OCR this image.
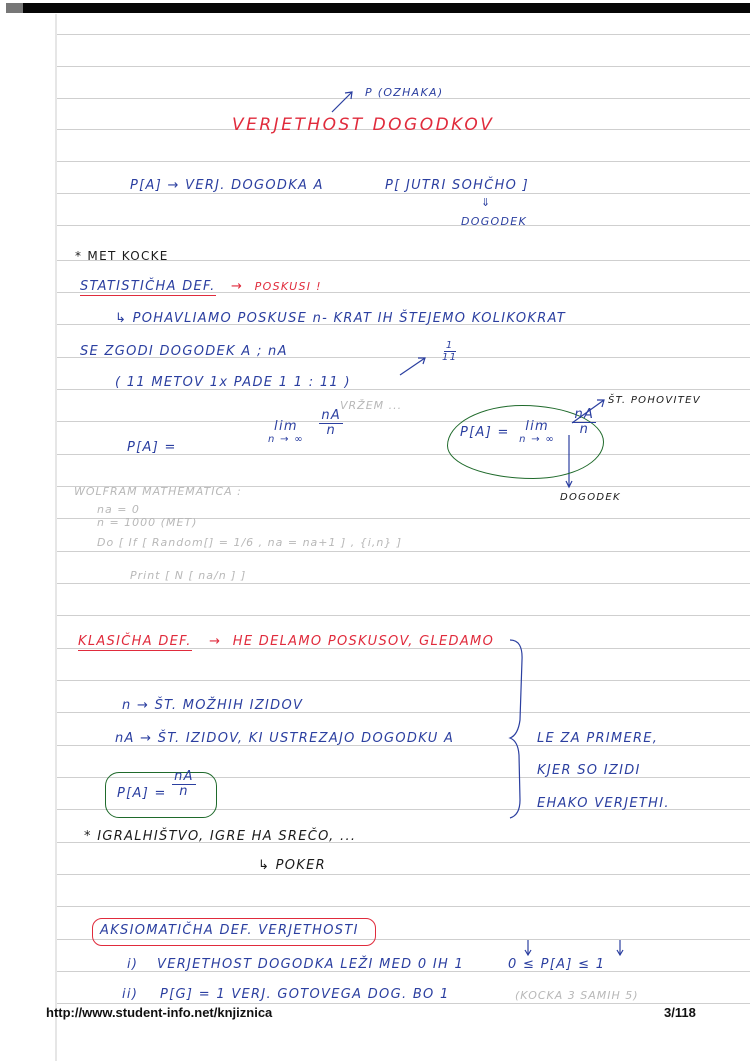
P (OZHAKA)
VERJETHOST DOGODKOV
P[A] → VERJ. DOGODKA A	P[ JUTRI SOHČHO ]
⇓
DOGODEK
* MET KOCKE
STATISTIČHA DEF. → POSKUSI !
↳ POHAVLIAMO POSKUSE n- KRAT IH ŠTEJEMO KOLIKOKRAT
SE ZGODI DOGODEK A ; nA	$\frac{1}{11}$
( 11 METOV 1x PADE 1 1 : 11 )
VRŽEM ...
P[A] =
lim
n → ∞

$\frac{nA}{n}$	P[A] = lim
n → ∞

$\frac{nA}{n}$
ŠT. POHOVITEV
DOGODEK
WOLFRAM MATHEMATICA :
na = 0
n = 1000 (MET)
Do [ If [ Random[] = 1/6 , na = na+1 ] , {i,n} ]
Print [ N [ na/n ] ]
KLASIČHA DEF. → HE DELAMO POSKUSOV, GLEDAMO
n → ŠT. MOŽHIH IZIDOV
nA → ŠT. IZIDOV, KI USTREZAJO DOGODKU A	LE ZA PRIMERE,
KJER SO IZIDI
EHAKO VERJETHI.
$P[A] = \frac{nA}{n}$
* IGRALHIŠTVO, IGRE HA SREČO, ...
↳ POKER
AKSIOMATIČHA DEF. VERJETHOSTI
i) VERJETHOST DOGODKA LEŽI MED 0 IH 1	0 ≤ P[A] ≤ 1
ii) P[G] = 1 VERJ. GOTOVEGA DOG. BO 1	(KOCKA 3 SAMIH 5)
http://www.student-info.net/knjiznica	3/118
